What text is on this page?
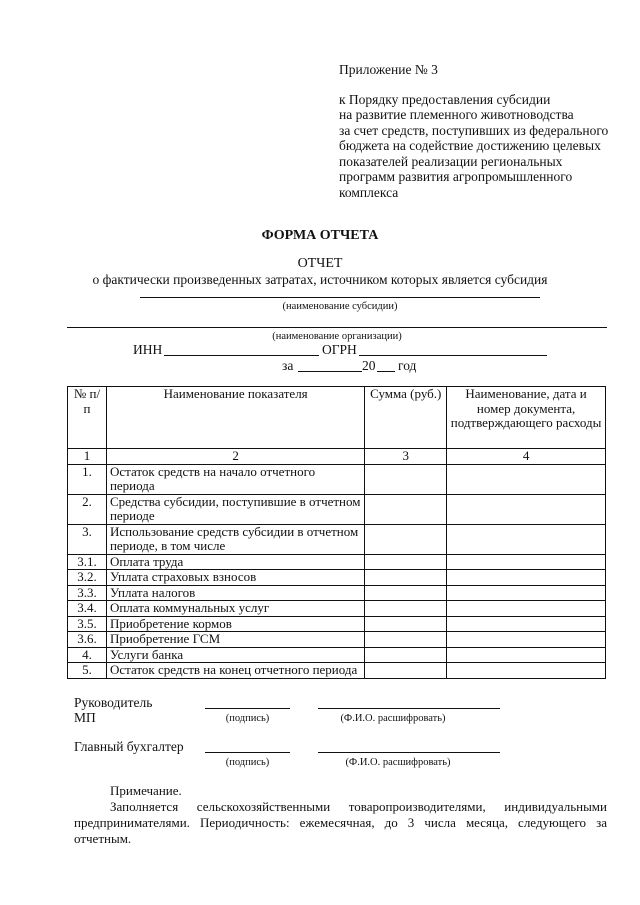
Приложение № 3
к Порядку предоставления субсидии
на развитие племенного животноводства
за счет средств, поступивших из федерального
бюджета на содействие достижению целевых
показателей реализации региональных
программ развития агропромышленного
комплекса
ФОРМА ОТЧЕТА
ОТЧЕТ
о фактически произведенных затратах, источником которых является субсидия
(наименование субсидии)
(наименование организации)
ИНН	ОГРН
за	20 год
№ п/п	Наименование показателя	Сумма (руб.)	Наименование, дата и номер документа, подтверждающего расходы
1	2	3	4
1.	Остаток средств на начало отчетного периода		
2.	Средства субсидии, поступившие в отчетном периоде		
3.	Использование средств субсидии в отчетном периоде, в том числе		
3.1.	Оплата труда		
3.2.	Уплата страховых взносов		
3.3.	Уплата налогов		
3.4.	Оплата коммунальных услуг		
3.5.	Приобретение кормов		
3.6.	Приобретение ГСМ		
4.	Услуги банка		
5.	Остаток средств на конец отчетного периода		
Руководитель
МП	(подпись)	(Ф.И.О. расшифровать)
Главный бухгалтер
(подпись)	(Ф.И.О. расшифровать)
Примечание.
Заполняется сельскохозяйственными товаропроизводителями, индивидуальными предпринимателями. Периодичность: ежемесячная, до 3 числа месяца, следующего за отчетным.
